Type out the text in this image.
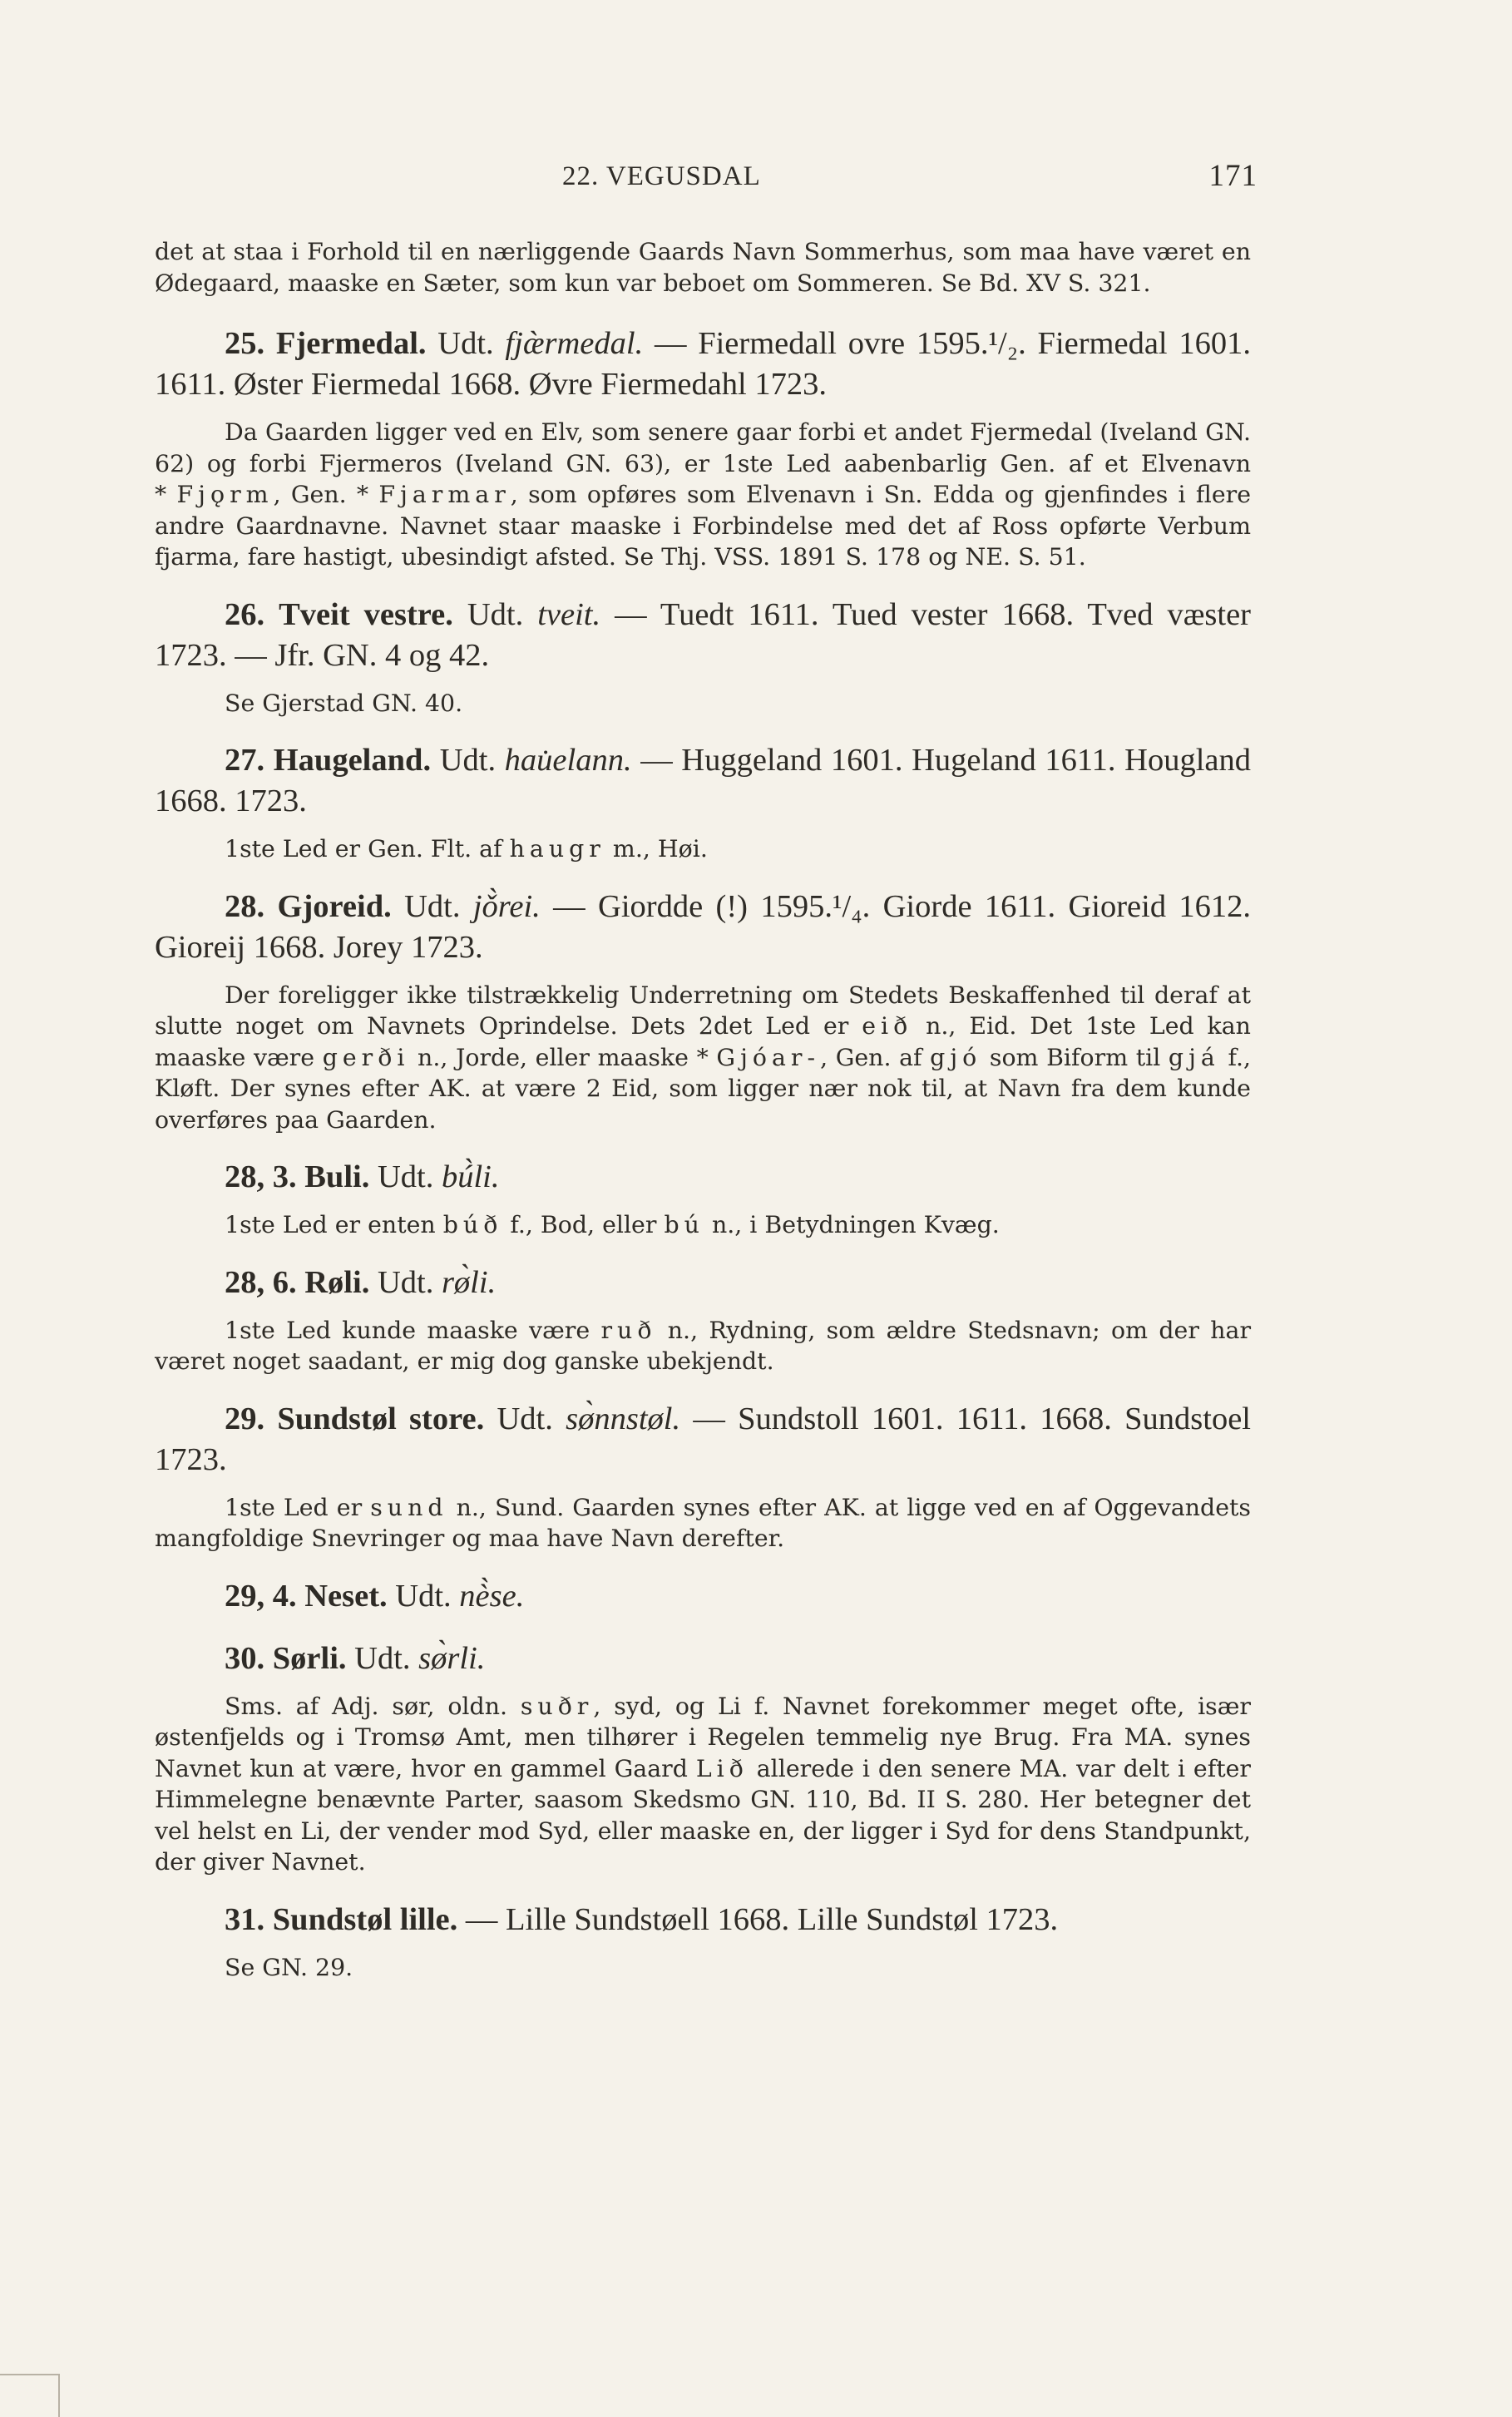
22. VEGUSDAL	171

det at staa i Forhold til en nærliggende Gaards Navn Sommerhus, som maa have været en Ødegaard, maaske en Sæter, som kun var beboet om Sommeren. Se Bd. XV S. 321.

25. Fjermedal. Udt. fjæ̀rmedal. — Fiermedall ovre 1595.¹/₂. Fiermedal 1601. 1611. Øster Fiermedal 1668. Øvre Fiermedahl 1723.

Da Gaarden ligger ved en Elv, som senere gaar forbi et andet Fjermedal (Iveland GN. 62) og forbi Fjermeros (Iveland GN. 63), er 1ste Led aabenbarlig Gen. af et Elvenavn * Fjǫrm, Gen. * Fjarmar, som opføres som Elvenavn i Sn. Edda og gjenfindes i flere andre Gaardnavne. Navnet staar maaske i Forbindelse med det af Ross opførte Verbum fjarma, fare hastigt, ubesindigt afsted. Se Thj. VSS. 1891 S. 178 og NE. S. 51.

26. Tveit vestre. Udt. tveit. — Tuedt 1611. Tued vester 1668. Tved væster 1723. — Jfr. GN. 4 og 42.

Se Gjerstad GN. 40.

27. Haugeland. Udt. hau̇elann. — Huggeland 1601. Hugeland 1611. Hougland 1668. 1723.

1ste Led er Gen. Flt. af haugr m., Høi.

28. Gjoreid. Udt. jǒ̀rei. — Giordde (!) 1595.¹/₄. Giorde 1611. Gioreid 1612. Gioreij 1668. Jorey 1723.

Der foreligger ikke tilstrækkelig Underretning om Stedets Beskaffenhed til deraf at slutte noget om Navnets Oprindelse. Dets 2det Led er eið n., Eid. Det 1ste Led kan maaske være gerði n., Jorde, eller maaske * Gjóar-, Gen. af gjó som Biform til gjá f., Kløft. Der synes efter AK. at være 2 Eid, som ligger nær nok til, at Navn fra dem kunde overføres paa Gaarden.

28, 3. Buli. Udt. bú̀li.

1ste Led er enten búð f., Bod, eller bú n., i Betydningen Kvæg.

28, 6. Røli. Udt. rø̀li.

1ste Led kunde maaske være ruð n., Rydning, som ældre Stedsnavn; om der har været noget saadant, er mig dog ganske ubekjendt.

29. Sundstøl store. Udt. sø̀nnstøl. — Sundstoll 1601. 1611. 1668. Sundstoel 1723.

1ste Led er sund n., Sund. Gaarden synes efter AK. at ligge ved en af Oggevandets mangfoldige Snevringer og maa have Navn derefter.

29, 4. Neset. Udt. nè̀se.

30. Sørli. Udt. sø̀rli.

Sms. af Adj. sør, oldn. suðr, syd, og Li f. Navnet forekommer meget ofte, især østenfjelds og i Tromsø Amt, men tilhører i Regelen temmelig nye Brug. Fra MA. synes Navnet kun at være, hvor en gammel Gaard Lið allerede i den senere MA. var delt i efter Himmelegne benævnte Parter, saasom Skedsmo GN. 110, Bd. II S. 280. Her betegner det vel helst en Li, der vender mod Syd, eller maaske en, der ligger i Syd for dens Standpunkt, der giver Navnet.

31. Sundstøl lille. — Lille Sundstøell 1668. Lille Sundstøl 1723.

Se GN. 29.
